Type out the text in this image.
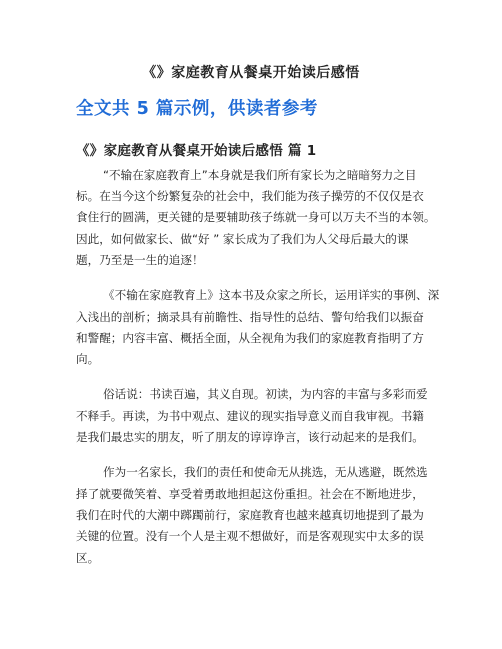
《》家庭教育从餐桌开始读后感悟
全文共 5 篇示例，供读者参考
《》家庭教育从餐桌开始读后感悟 篇 1
“不输在家庭教育上”本身就是我们所有家长为之暗暗努力之目
标。在当今这个纷繁复杂的社会中，我们能为孩子操劳的不仅仅是衣
食住行的圆满，更关键的是要辅助孩子练就一身可以万夫不当的本领。
因此，如何做家长、做“好 ” 家长成为了我们为人父母后最大的课
题，乃至是一生的追逐！
《不输在家庭教育上》这本书及众家之所长，运用详实的事例、深
入浅出的剖析；摘录具有前瞻性、指导性的总结、警句给我们以振奋
和警醒；内容丰富、概括全面，从全视角为我们的家庭教育指明了方
向。
俗话说：书读百遍，其义自现。初读，为内容的丰富与多彩而爱
不释手。再读，为书中观点、建议的现实指导意义而自我审视。书籍
是我们最忠实的朋友，听了朋友的谆谆诤言，该行动起来的是我们。
作为一名家长，我们的责任和使命无从挑选，无从逃避，既然选
择了就要微笑着、享受着勇敢地担起这份重担。社会在不断地进步，
我们在时代的大潮中踯躅前行，家庭教育也越来越真切地提到了最为
关键的位置。没有一个人是主观不想做好，而是客观现实中太多的误
区。
